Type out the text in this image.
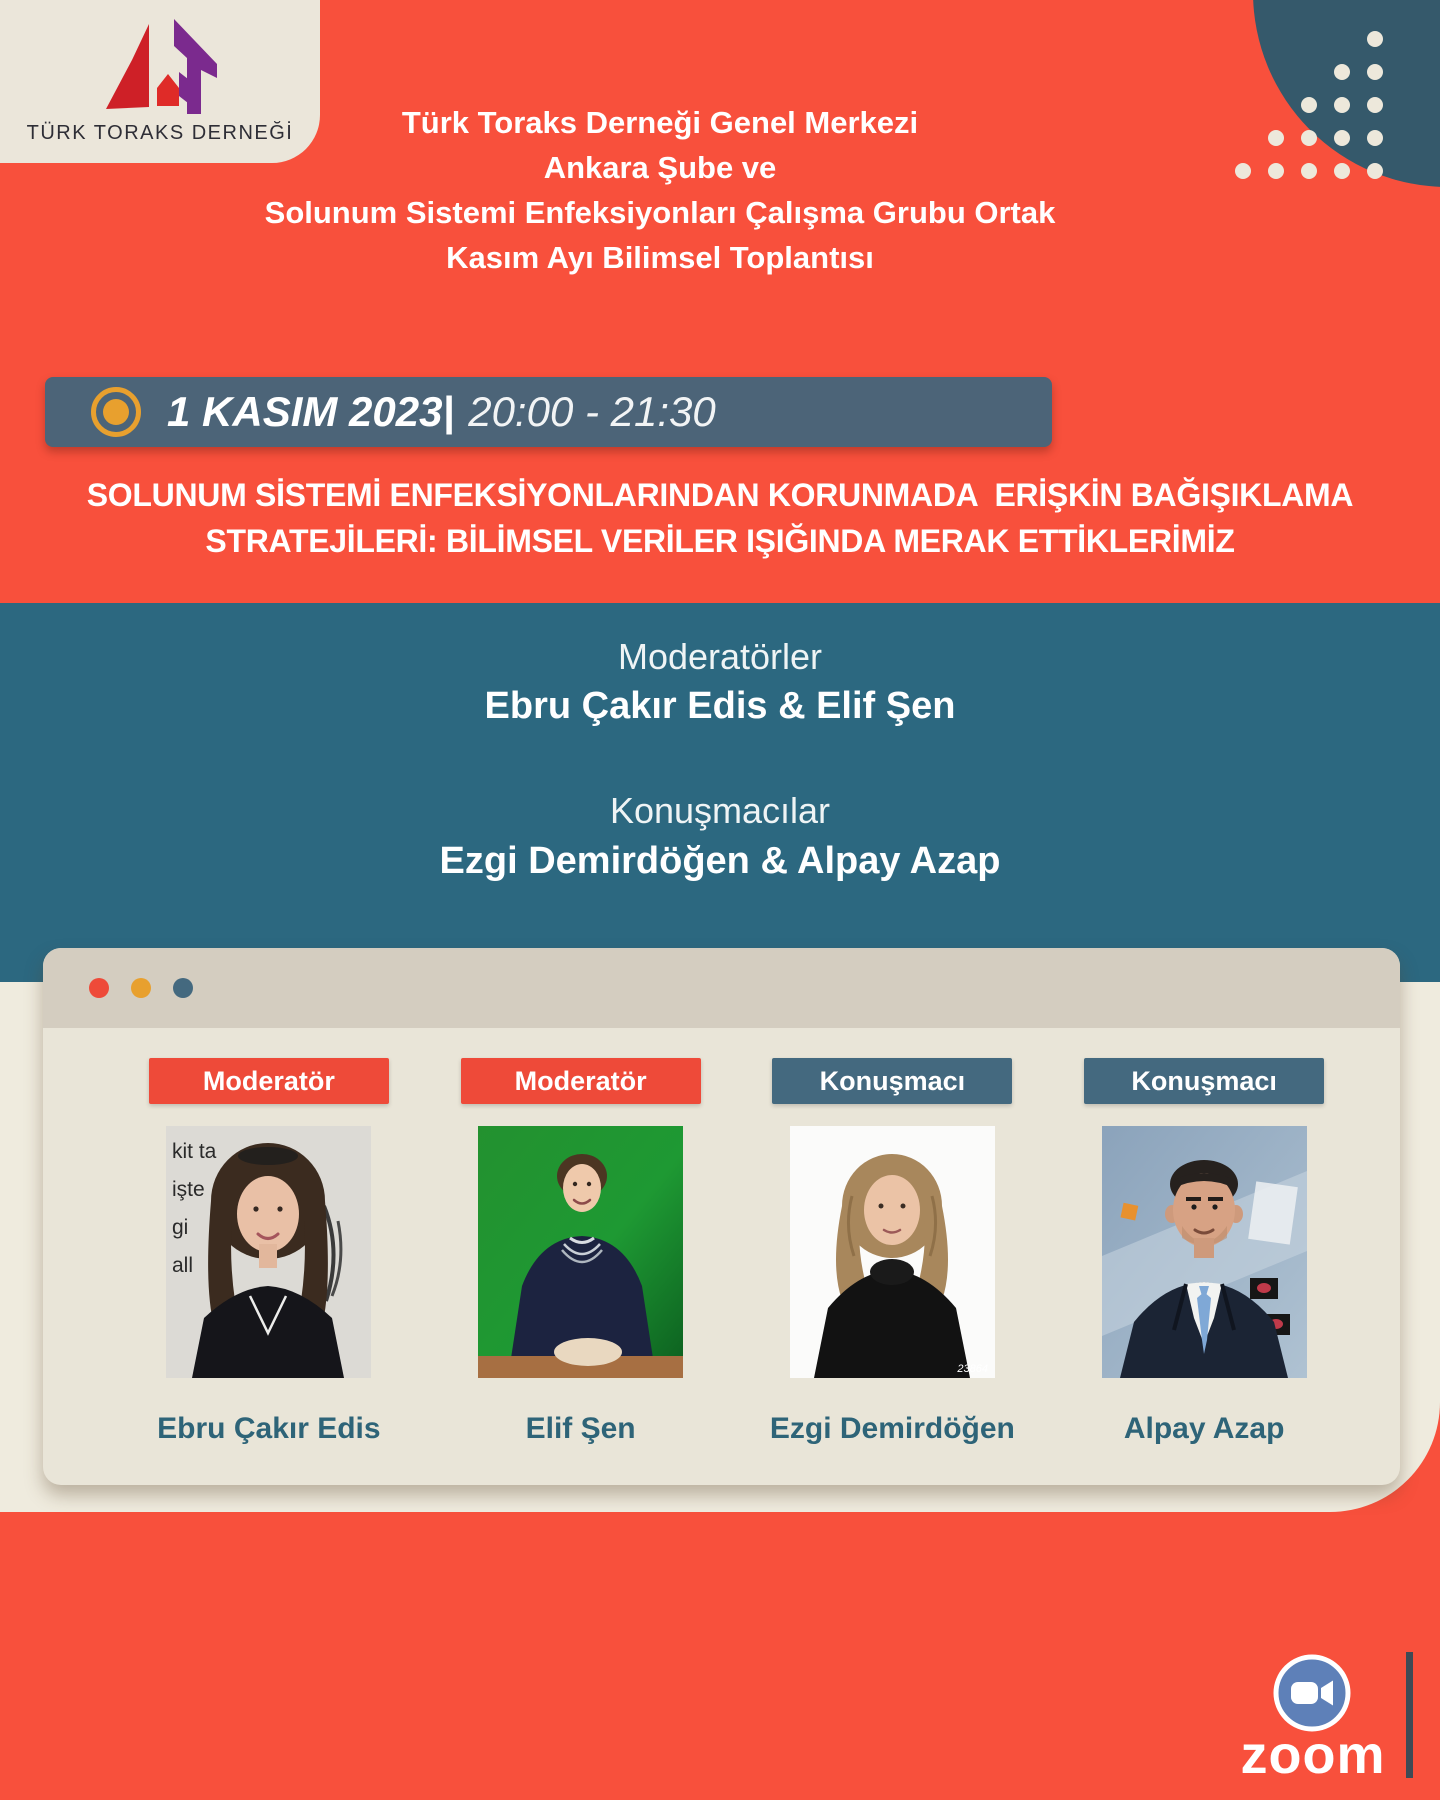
TÜRK TORAKS DERNEĞİ	Türk Toraks Derneği Genel Merkezi
Ankara Şube ve
Solunum Sistemi Enfeksiyonları Çalışma Grubu Ortak
Kasım Ayı Bilimsel Toplantısı
1 KASIM 2023| 20:00 - 21:30
SOLUNUM SİSTEMİ ENFEKSİYONLARINDAN KORUNMADA  ERİŞKİN BAĞIŞIKLAMA
STRATEJİLERİ: BİLİMSEL VERİLER IŞIĞINDA MERAK ETTİKLERİMİZ
Moderatörler
Ebru Çakır Edis & Elif Şen
Konuşmacılar
Ezgi Demirdöğen & Alpay Azap
Moderatör
kit ta
işte
gi
all
Ebru Çakır Edis
Moderatör
Elif Şen
Konuşmacı
23864
Ezgi Demirdöğen
Konuşmacı
Alpay Azap
zoom
